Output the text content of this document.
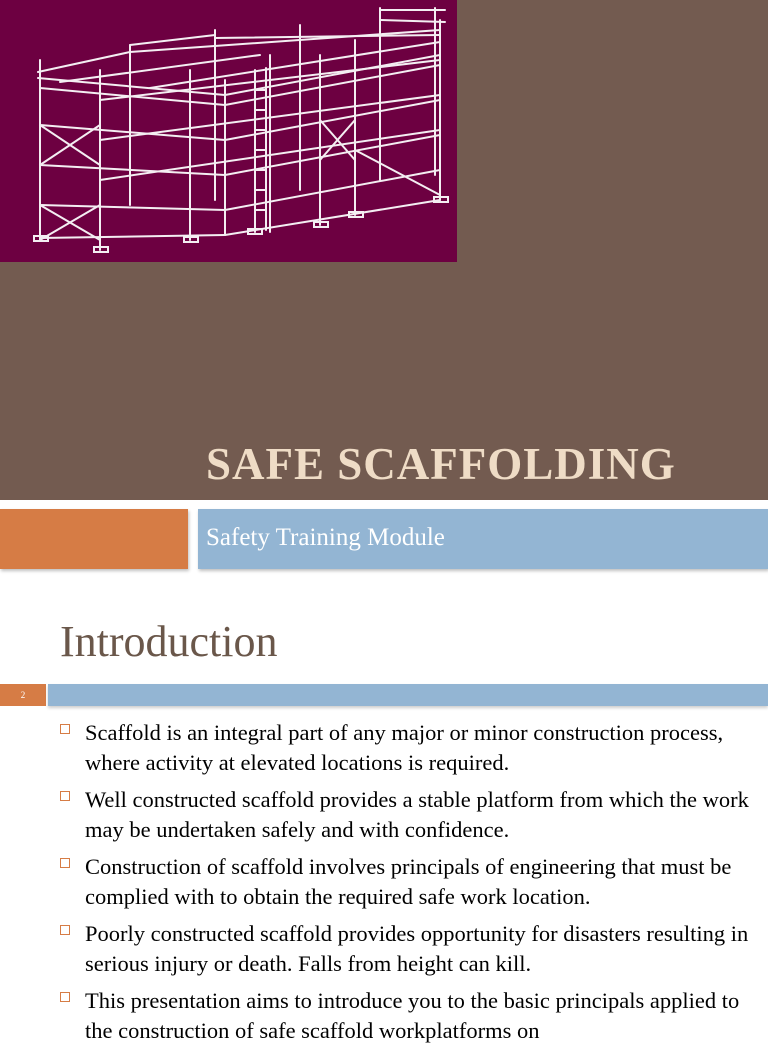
SAFE SCAFFOLDING
Safety Training Module
Introduction
2
Scaffold is an integral part of any major or minor construction process, where activity at elevated locations is required.
Well constructed scaffold provides a stable platform from which the work may be undertaken safely and with confidence.
Construction of scaffold involves principals of engineering that must be complied with to obtain the required safe work location.
Poorly constructed scaffold provides opportunity for disasters resulting in serious injury or death. Falls from height can kill.
This presentation aims to introduce you to the basic principals applied to the construction of safe scaffold workplatforms on
